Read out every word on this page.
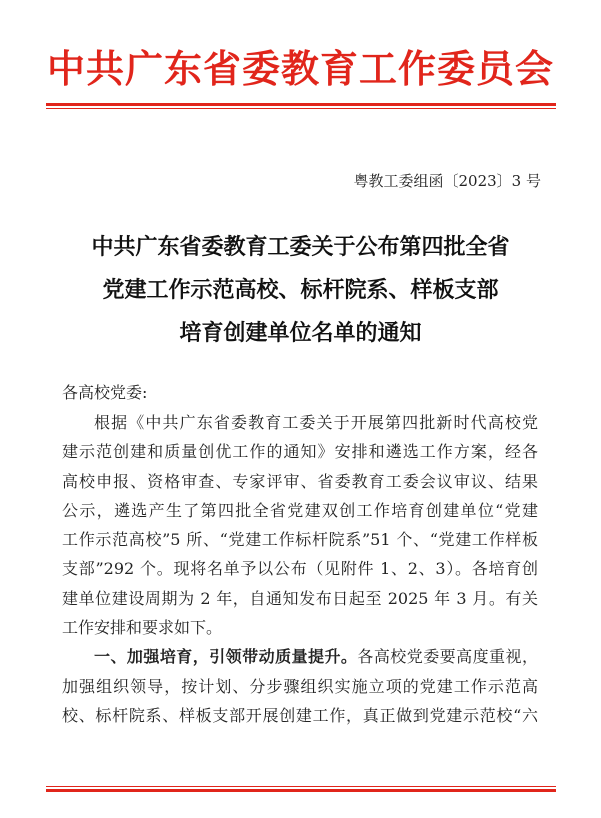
中共广东省委教育工作委员会
粤教工委组函〔2023〕3 号
中共广东省委教育工委关于公布第四批全省
党建工作示范高校、标杆院系、样板支部
培育创建单位名单的通知
各高校党委:
根据《中共广东省委教育工委关于开展第四批新时代高校党
建示范创建和质量创优工作的通知》安排和遴选工作方案，经各
高校申报、资格审查、专家评审、省委教育工委会议审议、结果
公示，遴选产生了第四批全省党建双创工作培育创建单位“党建
工作示范高校”5 所、“党建工作标杆院系”51 个、“党建工作样板
支部”292 个。现将名单予以公布（见附件 1、2、3）。各培育创
建单位建设周期为 2 年，自通知发布日起至 2025 年 3 月。有关
工作安排和要求如下。
一、加强培育，引领带动质量提升。各高校党委要高度重视，
加强组织领导，按计划、分步骤组织实施立项的党建工作示范高
校、标杆院系、样板支部开展创建工作，真正做到党建示范校“六
